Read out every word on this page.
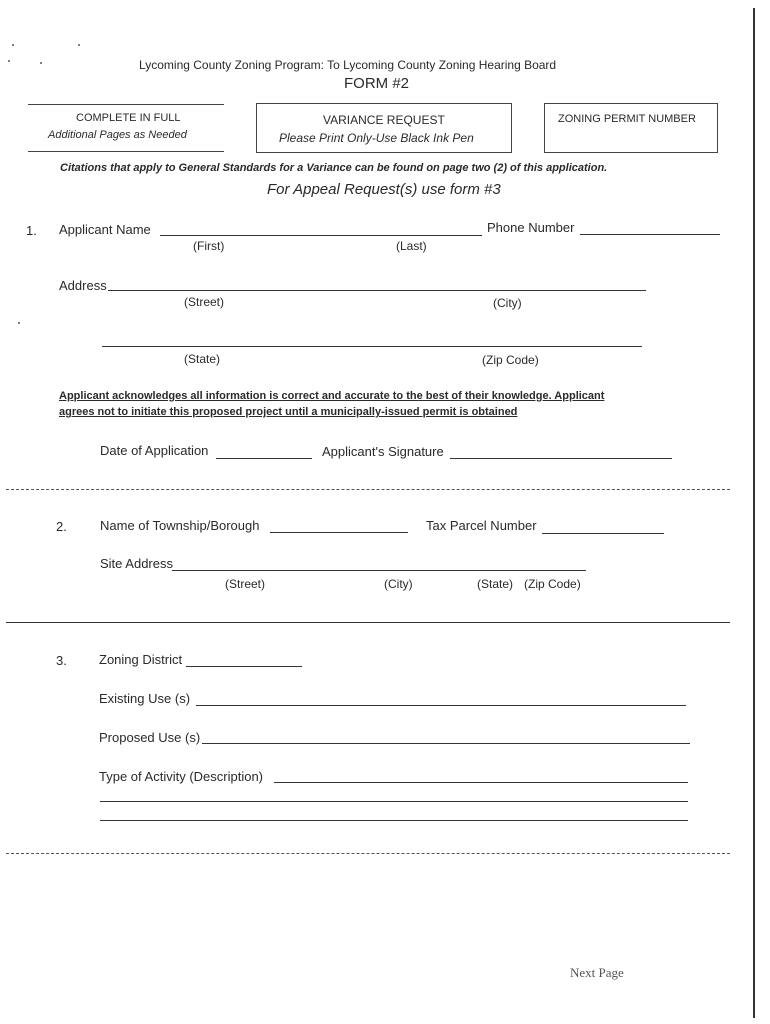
Lycoming County Zoning Program: To Lycoming County Zoning Hearing Board
FORM #2
COMPLETE IN FULL
Additional Pages as Needed
VARIANCE REQUEST
Please Print Only-Use Black Ink Pen
ZONING PERMIT NUMBER
Citations that apply to General Standards for a Variance can be found on page two (2) of this application.
For Appeal Request(s) use form #3
1. Applicant Name	Phone Number
(First)	(Last)
Address
(Street)	(City)
(State)	(Zip Code)
Applicant acknowledges all information is correct and accurate to the best of their knowledge. Applicant
agrees not to initiate this proposed project until a municipally-issued permit is obtained
Date of Application	Applicant's Signature
2.	Name of Township/Borough	Tax Parcel Number
Site Address
(Street)	(City)	(State) (Zip Code)
3. Zoning District
Existing Use (s)
Proposed Use (s)
Type of Activity (Description)
Next Page
